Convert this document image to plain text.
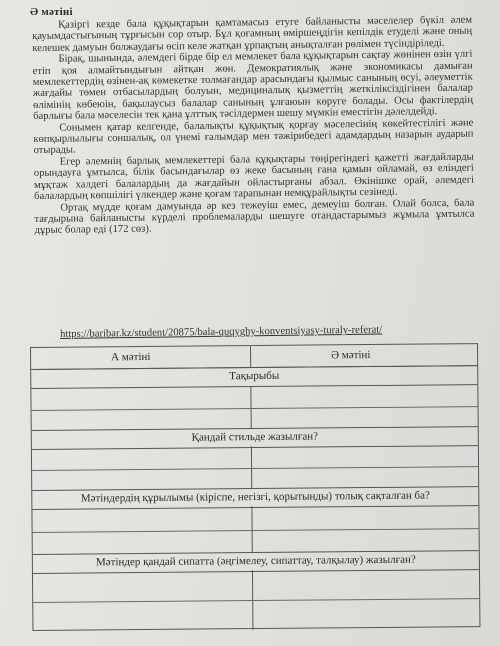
Ә мәтіні

Қазіргі кезде бала құқықтарын қамтамасыз етуге байланысты мәселелер бүкіл әлем қауымдастығының тұрғысын сор отыр. Бұл қоғамның өміршеңдігін кепілдік етуделі және оның келешек дамуын болжаудағы өсіп келе жатқан ұрпақтың анықталған рөлімен түсіндіріледі.

Бірақ, шынында, әлемдегі бірде бір ел мемлекет бала құқықтарын сақтау жөнінен өзін үлгі етіп қоя алмайтындығын айтқан жөн. Демократиялық және экономикасы дамыған мемлекеттердің өзінен-ақ көмекетке толмағандар арасындағы қылмыс санының өсуі, әлеуметтік жағдайы төмен отбасылардың болуын, медициналық қызметтің жеткіліксіздігінен балалар өлімінің көбеюін, бақылаусыз балалар санының ұлғаюын көруге болады. Осы фактілердің барлығы бала мәселесін тек қана ұлттық тәсілдермен шешу мүмкін еместігін дәлелдейді.

Сонымен қатар келгенде, балалықты құқықтық қорғау мәселесінің көкейтестілігі және көпқырлылығы соншалық, ол үнемі ғалымдар мен тәжірибедегі адамдардың назарын аударып отырады.

Егер әлемнің барлық мемлекеттері бала құқықтары төңірегіндегі қажетті жағдайларды орындауға ұмтылса, білік басындағылар өз жеке басының ғана қамын ойламай, өз еліндегі мұқтаж халдегі балалардың да жағдайын ойластырғаны абзал. Өкінішке орай, әлемдегі балалардың көпшілігі үлкендер және қоғам тарапынан немқұрайлықты сезінеді.

Ортақ мүдде қоғам дамуында әр кез тежеуіш емес, демеуіш болған. Олай болса, бала тағдырына байланысты күрделі проблемаларды шешуге отандастарымыз жұмыла ұмтылса дұрыс болар еді (172 сөз).

https://baribar.kz/student/20875/bala-quqyghy-konventsiyasy-turaly-referat/
А мәтіні	Ә мәтіні
Тақырыбы
Қандай стильде жазылған?
Мәтіндердің құрылымы (кіріспе, негізгі, қорытынды) толық сақталған ба?
Мәтіндер қандай сипатта (әңгімелеу, сипаттау, талқылау) жазылған?
